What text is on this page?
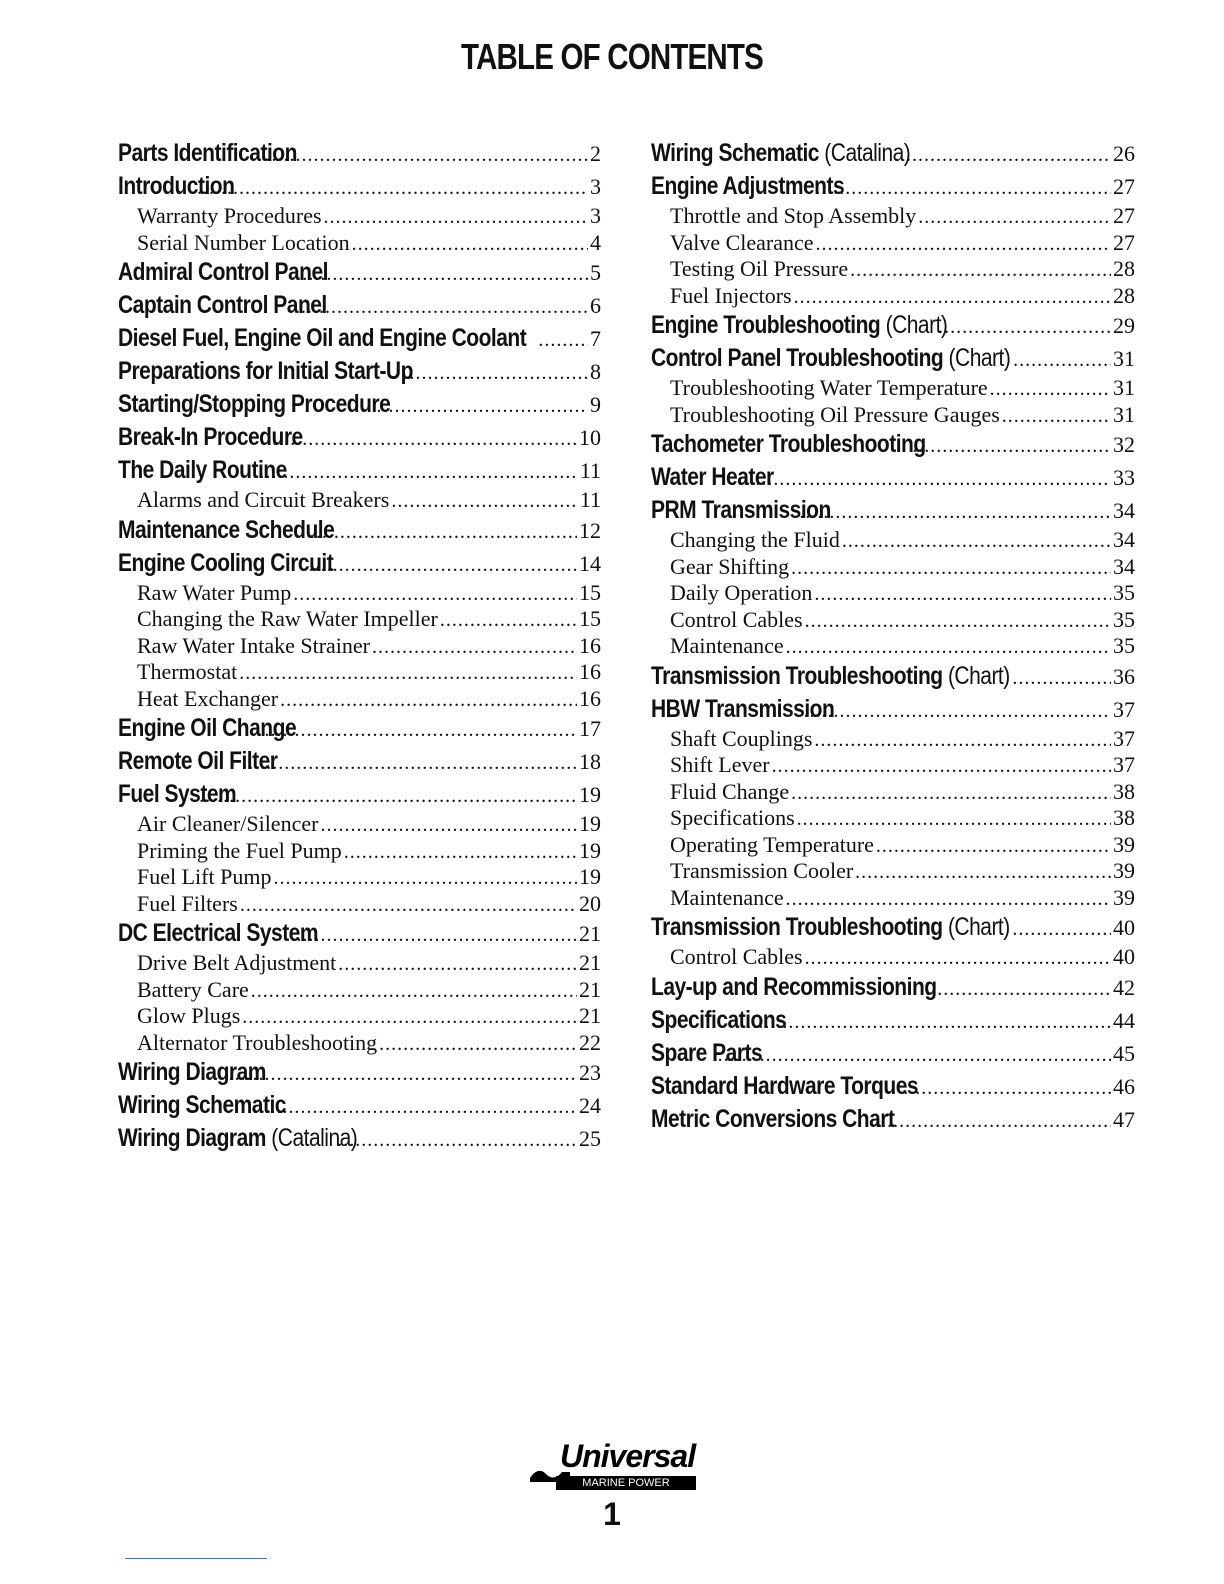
TABLE OF CONTENTS
Parts Identification .....	2
Introduction .....	3
Warranty Procedures .....	3
Serial Number Location .....	4
Admiral Control Panel .....	5
Captain Control Panel .....	6
Diesel Fuel, Engine Oil and Engine Coolant .....	7
Preparations for Initial Start-Up .....	8
Starting/Stopping Procedure .....	9
Break-In Procedure .....	10
The Daily Routine .....	11
Alarms and Circuit Breakers .....	11
Maintenance Schedule .....	12
Engine Cooling Circuit .....	14
Raw Water Pump .....	15
Changing the Raw Water Impeller .....	15
Raw Water Intake Strainer .....	16
Thermostat .....	16
Heat Exchanger .....	16
Engine Oil Change .....	17
Remote Oil Filter .....	18
Fuel System .....	19
Air Cleaner/Silencer .....	19
Priming the Fuel Pump .....	19
Fuel Lift Pump .....	19
Fuel Filters .....	20
DC Electrical System .....	21
Drive Belt Adjustment .....	21
Battery Care .....	21
Glow Plugs .....	21
Alternator Troubleshooting .....	22
Wiring Diagram .....	23
Wiring Schematic .....	24
Wiring Diagram (Catalina) .....	25
Wiring Schematic (Catalina) .....	26
Engine Adjustments .....	27
Throttle and Stop Assembly .....	27
Valve Clearance .....	27
Testing Oil Pressure .....	28
Fuel Injectors .....	28
Engine Troubleshooting (Chart) .....	29
Control Panel Troubleshooting (Chart) .....	31
Troubleshooting Water Temperature .....	31
Troubleshooting Oil Pressure Gauges .....	31
Tachometer Troubleshooting .....	32
Water Heater .....	33
PRM Transmission .....	34
Changing the Fluid .....	34
Gear Shifting .....	34
Daily Operation .....	35
Control Cables .....	35
Maintenance .....	35
Transmission Troubleshooting (Chart) .....	36
HBW Transmission .....	37
Shaft Couplings .....	37
Shift Lever .....	37
Fluid Change .....	38
Specifications .....	38
Operating Temperature .....	39
Transmission Cooler .....	39
Maintenance .....	39
Transmission Troubleshooting (Chart) .....	40
Control Cables .....	40
Lay-up and Recommissioning .....	42
Specifications .....	44
Spare Parts .....	45
Standard Hardware Torques .....	46
Metric Conversions Chart .....	47
Universal
MARINE POWER
1
